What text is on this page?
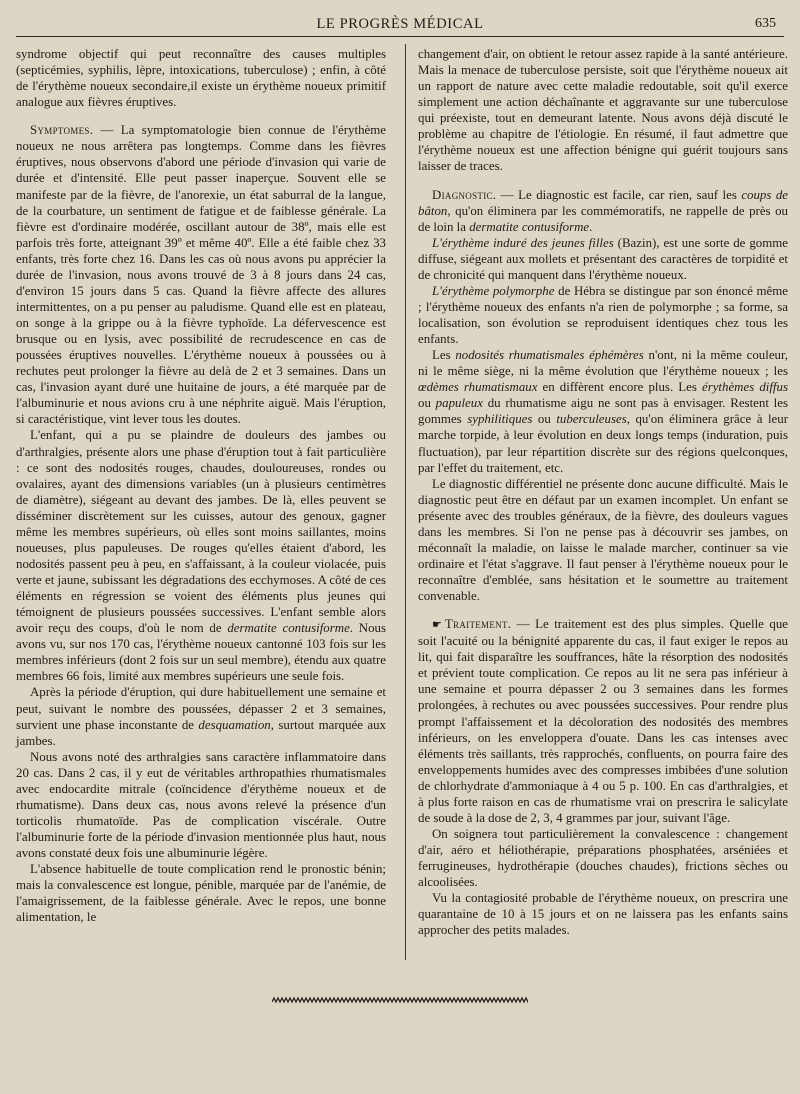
LE PROGRÈS MÉDICAL	635

syndrome objectif qui peut reconnaître des causes multiples (septicémies, syphilis, lèpre, intoxications, tuberculose) ; enfin, à côté de l'érythème noueux secondaire,il existe un érythème noueux primitif analogue aux fièvres éruptives.

Symptomes. — La symptomatologie bien connue de l'érythème noueux ne nous arrêtera pas longtemps. Comme dans les fièvres éruptives, nous observons d'abord une période d'invasion qui varie de durée et d'intensité. Elle peut passer inaperçue. Souvent elle se manifeste par de la fièvre, de l'anorexie, un état saburral de la langue, de la courbature, un sentiment de fatigue et de faiblesse générale. La fièvre est d'ordinaire modérée, oscillant autour de 38º, mais elle est parfois très forte, atteignant 39º et même 40º. Elle a été faible chez 33 enfants, très forte chez 16. Dans les cas où nous avons pu apprécier la durée de l'invasion, nous avons trouvé de 3 à 8 jours dans 24 cas, d'environ 15 jours dans 5 cas. Quand la fièvre affecte des allures intermittentes, on a pu penser au paludisme. Quand elle est en plateau, on songe à la grippe ou à la fièvre typhoïde. La défervescence est brusque ou en lysis, avec possibilité de recrudescence en cas de poussées éruptives nouvelles. L'érythème noueux à poussées ou à rechutes peut prolonger la fièvre au delà de 2 et 3 semaines. Dans un cas, l'invasion ayant duré une huitaine de jours, a été marquée par de l'albuminurie et nous avions cru à une néphrite aiguë. Mais l'éruption, si caractéristique, vint lever tous les doutes.

L'enfant, qui a pu se plaindre de douleurs des jambes ou d'arthralgies, présente alors une phase d'éruption tout à fait particulière : ce sont des nodosités rouges, chaudes, douloureuses, rondes ou ovalaires, ayant des dimensions variables (un à plusieurs centimètres de diamètre), siégeant au devant des jambes. De là, elles peuvent se disséminer discrètement sur les cuisses, autour des genoux, gagner même les membres supérieurs, où elles sont moins saillantes, moins noueuses, plus papuleuses. De rouges qu'elles étaient d'abord, les nodosités passent peu à peu, en s'affaissant, à la couleur violacée, puis verte et jaune, subissant les dégradations des ecchymoses. A côté de ces éléments en régression se voient des éléments plus jeunes qui témoignent de plusieurs poussées successives. L'enfant semble alors avoir reçu des coups, d'où le nom de dermatite contusiforme. Nous avons vu, sur nos 170 cas, l'érythème noueux cantonné 103 fois sur les membres inférieurs (dont 2 fois sur un seul membre), étendu aux quatre membres 66 fois, limité aux membres supérieurs une seule fois.

Après la période d'éruption, qui dure habituellement une semaine et peut, suivant le nombre des poussées, dépasser 2 et 3 semaines, survient une phase inconstante de desquamation, surtout marquée aux jambes.

Nous avons noté des arthralgies sans caractère inflammatoire dans 20 cas. Dans 2 cas, il y eut de véritables arthropathies rhumatismales avec endocardite mitrale (coïncidence d'érythème noueux et de rhumatisme). Dans deux cas, nous avons relevé la présence d'un torticolis rhumatoïde. Pas de complication viscérale. Outre l'albuminurie forte de la période d'invasion mentionnée plus haut, nous avons constaté deux fois une albuminurie légère.

L'absence habituelle de toute complication rend le pronostic bénin; mais la convalescence est longue, pénible, marquée par de l'anémie, de l'amaigrissement, de la faiblesse générale. Avec le repos, une bonne alimentation, le

changement d'air, on obtient le retour assez rapide à la santé antérieure. Mais la menace de tuberculose persiste, soit que l'érythème noueux ait un rapport de nature avec cette maladie redoutable, soit qu'il exerce simplement une action déchaînante et aggravante sur une tuberculose qui préexiste, tout en demeurant latente. Nous avons déjà discuté le problème au chapitre de l'étiologie. En résumé, il faut admettre que l'érythème noueux est une affection bénigne qui guérit toujours sans laisser de traces.

Diagnostic. — Le diagnostic est facile, car rien, sauf les coups de bâton, qu'on éliminera par les commémoratifs, ne rappelle de près ou de loin la dermatite contusiforme.

L'érythème induré des jeunes filles (Bazin), est une sorte de gomme diffuse, siégeant aux mollets et présentant des caractères de torpidité et de chronicité qui manquent dans l'érythème noueux.

L'érythème polymorphe de Hébra se distingue par son énoncé même ; l'érythème noueux des enfants n'a rien de polymorphe ; sa forme, sa localisation, son évolution se reproduisent identiques chez tous les enfants.

Les nodosités rhumatismales éphémères n'ont, ni la même couleur, ni le même siège, ni la même évolution que l'érythème noueux ; les œdèmes rhumatismaux en diffèrent encore plus. Les érythèmes diffus ou papuleux du rhumatisme aigu ne sont pas à envisager. Restent les gommes syphilitiques ou tuberculeuses, qu'on éliminera grâce à leur marche torpide, à leur évolution en deux longs temps (induration, puis fluctuation), par leur répartition discrète sur des régions quelconques, par l'effet du traitement, etc.

Le diagnostic différentiel ne présente donc aucune difficulté. Mais le diagnostic peut être en défaut par un examen incomplet. Un enfant se présente avec des troubles généraux, de la fièvre, des douleurs vagues dans les membres. Si l'on ne pense pas à découvrir ses jambes, on méconnaît la maladie, on laisse le malade marcher, continuer sa vie ordinaire et l'état s'aggrave. Il faut penser à l'érythème noueux pour le reconnaître d'emblée, sans hésitation et le soumettre au traitement convenable.

☛ Traitement. — Le traitement est des plus simples. Quelle que soit l'acuité ou la bénignité apparente du cas, il faut exiger le repos au lit, qui fait disparaître les souffrances, hâte la résorption des nodosités et prévient toute complication. Ce repos au lit ne sera pas inférieur à une semaine et pourra dépasser 2 ou 3 semaines dans les formes prolongées, à rechutes ou avec poussées successives. Pour rendre plus prompt l'affaissement et la décoloration des nodosités des membres inférieurs, on les enveloppera d'ouate. Dans les cas intenses avec éléments très saillants, très rapprochés, confluents, on pourra faire des enveloppements humides avec des compresses imbibées d'une solution de chlorhydrate d'ammoniaque à 4 ou 5 p. 100. En cas d'arthralgies, et à plus forte raison en cas de rhumatisme vrai on prescrira le salicylate de soude à la dose de 2, 3, 4 grammes par jour, suivant l'âge.

On soignera tout particulièrement la convalescence : changement d'air, aéro et héliothérapie, préparations phosphatées, arséniées et ferrugineuses, hydrothérapie (douches chaudes), frictions sèches ou alcoolisées.

Vu la contagiosité probable de l'érythème noueux, on prescrira une quarantaine de 10 à 15 jours et on ne laissera pas les enfants sains approcher des petits malades.
